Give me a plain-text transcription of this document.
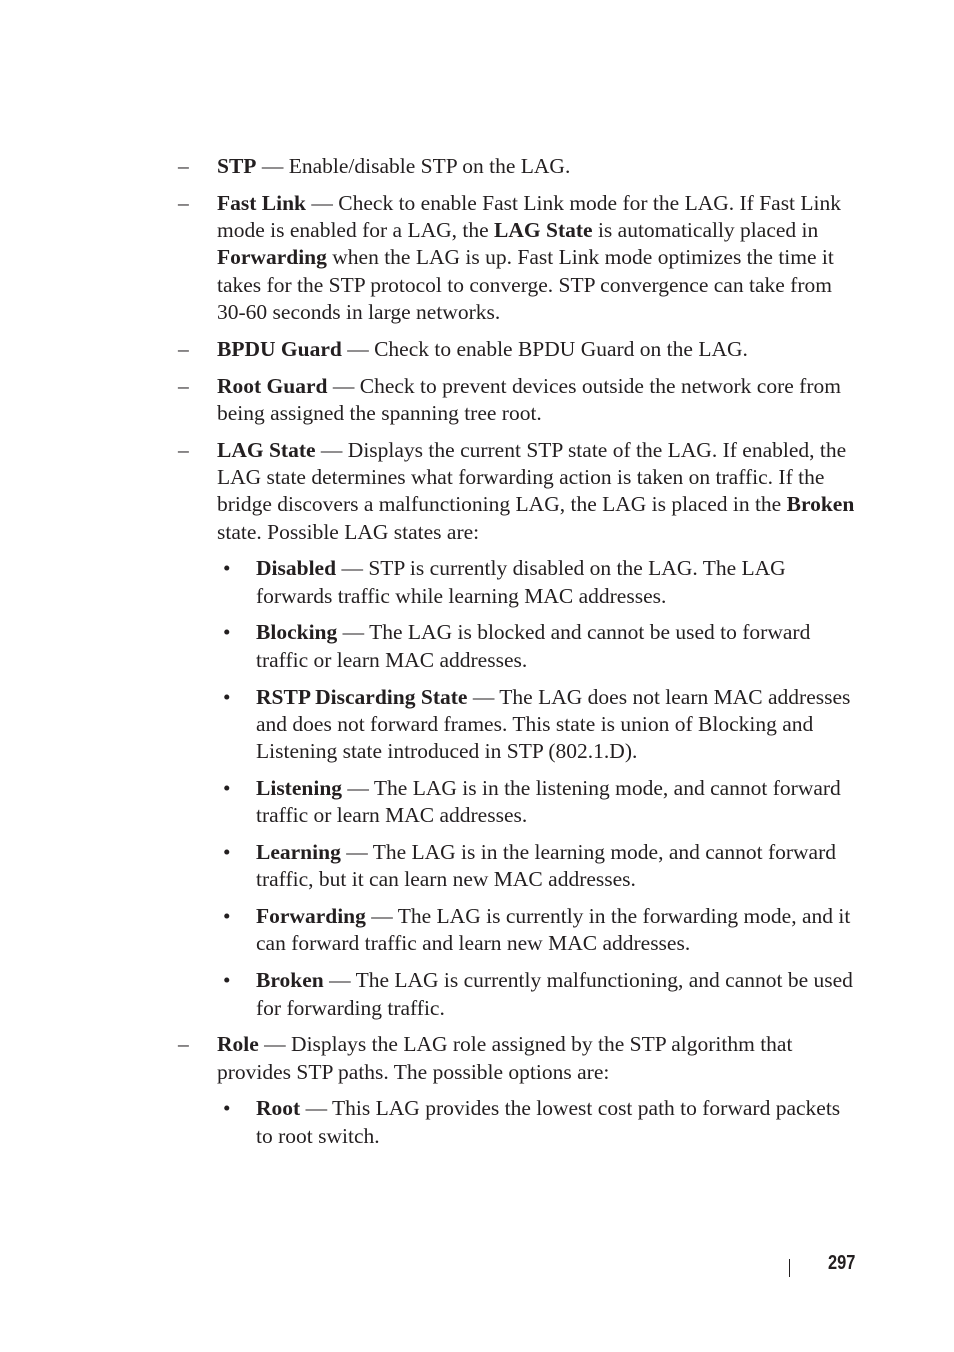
– STP — Enable/disable STP on the LAG.
– Fast Link — Check to enable Fast Link mode for the LAG. If Fast Link mode is enabled for a LAG, the LAG State is automatically placed in Forwarding when the LAG is up. Fast Link mode optimizes the time it takes for the STP protocol to converge. STP convergence can take from 30-60 seconds in large networks.
– BPDU Guard — Check to enable BPDU Guard on the LAG.
– Root Guard — Check to prevent devices outside the network core from being assigned the spanning tree root.
– LAG State — Displays the current STP state of the LAG. If enabled, the LAG state determines what forwarding action is taken on traffic. If the bridge discovers a malfunctioning LAG, the LAG is placed in the Broken state. Possible LAG states are:
• Disabled — STP is currently disabled on the LAG. The LAG forwards traffic while learning MAC addresses.
• Blocking — The LAG is blocked and cannot be used to forward traffic or learn MAC addresses.
• RSTP Discarding State — The LAG does not learn MAC addresses and does not forward frames. This state is union of Blocking and Listening state introduced in STP (802.1.D).
• Listening — The LAG is in the listening mode, and cannot forward traffic or learn MAC addresses.
• Learning — The LAG is in the learning mode, and cannot forward traffic, but it can learn new MAC addresses.
• Forwarding — The LAG is currently in the forwarding mode, and it can forward traffic and learn new MAC addresses.
• Broken — The LAG is currently malfunctioning, and cannot be used for forwarding traffic.
– Role — Displays the LAG role assigned by the STP algorithm that provides STP paths. The possible options are:
• Root — This LAG provides the lowest cost path to forward packets to root switch.
297
